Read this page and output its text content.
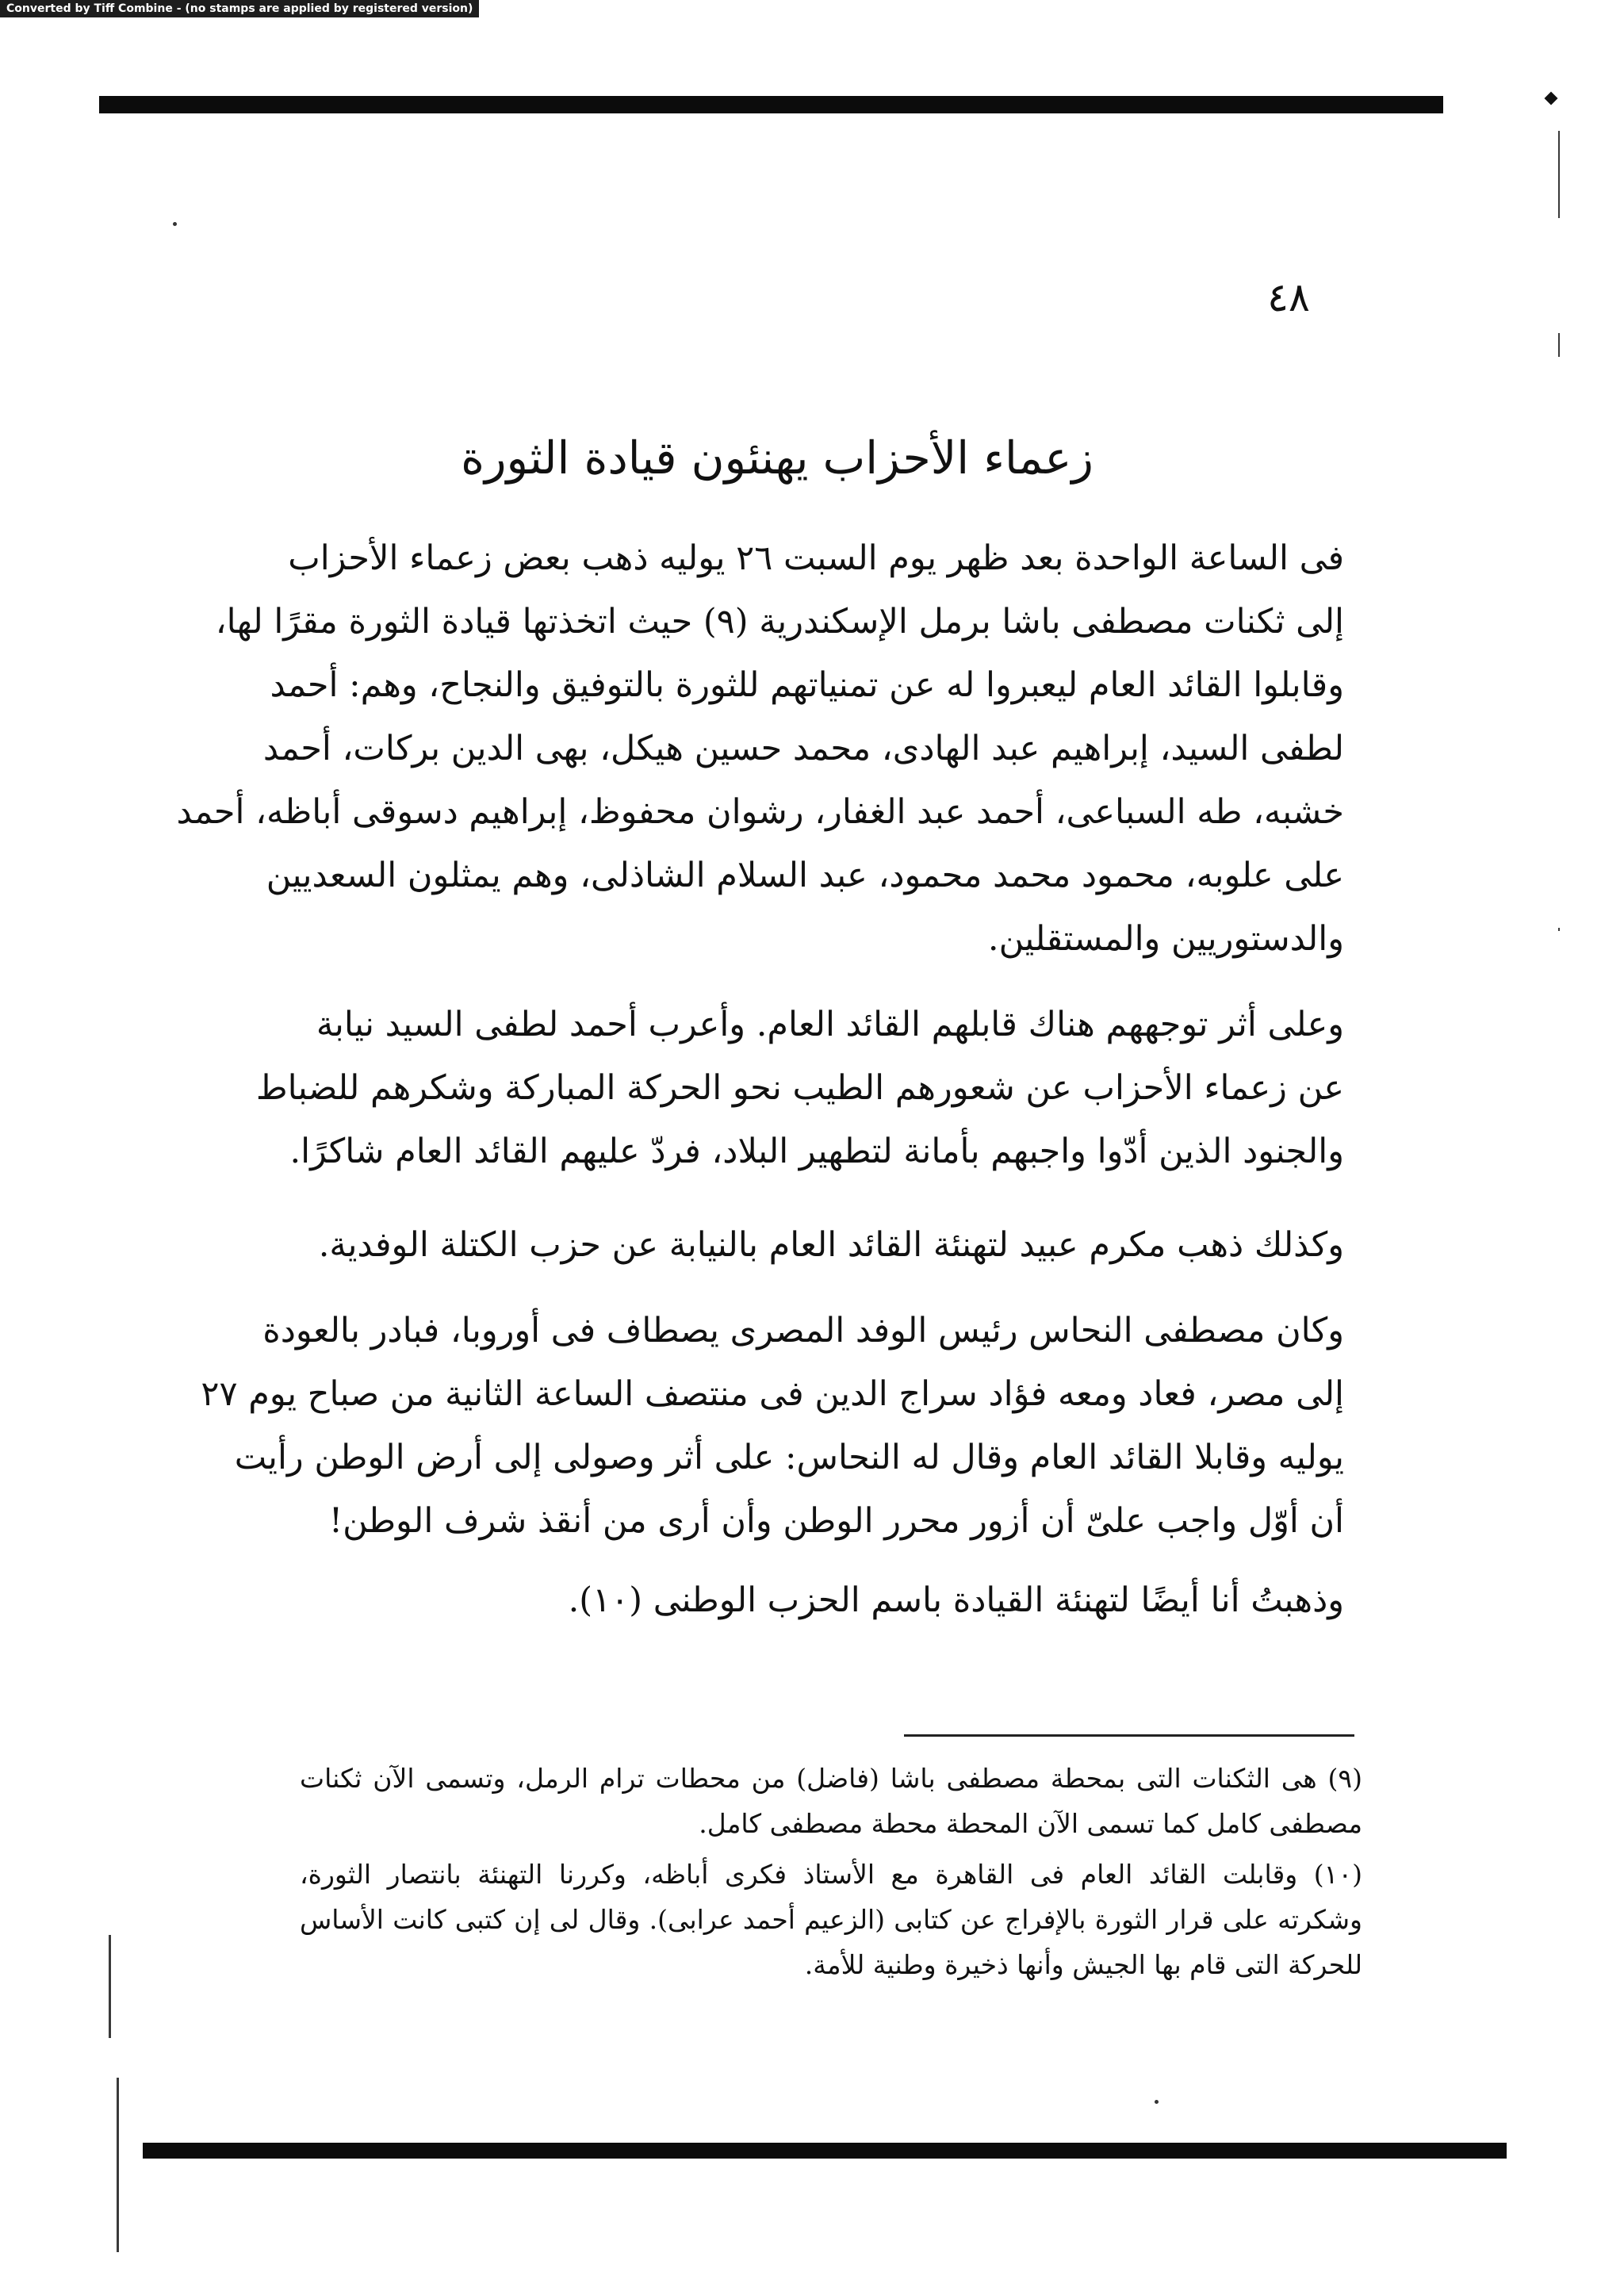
Converted by Tiff Combine - (no stamps are applied by registered version)
٤٨
زعماء الأحزاب يهنئون قيادة الثورة
فى الساعة الواحدة بعد ظهر يوم السبت ٢٦ يوليه ذهب بعض زعماء الأحزاب
إلى ثكنات مصطفى باشا برمل الإسكندرية (٩) حيث اتخذتها قيادة الثورة مقرًا لها،
وقابلوا القائد العام ليعبروا له عن تمنياتهم للثورة بالتوفيق والنجاح، وهم: أحمد
لطفى السيد، إبراهيم عبد الهادى، محمد حسين هيكل، بهى الدين بركات، أحمد
خشبه، طه السباعى، أحمد عبد الغفار، رشوان محفوظ، إبراهيم دسوقى أباظه، أحمد
على علوبه، محمود محمد محمود، عبد السلام الشاذلى، وهم يمثلون السعديين
والدستوريين والمستقلين.
وعلى أثر توجههم هناك قابلهم القائد العام. وأعرب أحمد لطفى السيد نيابة
عن زعماء الأحزاب عن شعورهم الطيب نحو الحركة المباركة وشكرهم للضباط
والجنود الذين أدّوا واجبهم بأمانة لتطهير البلاد، فردّ عليهم القائد العام شاكرًا.
وكذلك ذهب مكرم عبيد لتهنئة القائد العام بالنيابة عن حزب الكتلة الوفدية.
وكان مصطفى النحاس رئيس الوفد المصرى يصطاف فى أوروبا، فبادر بالعودة
إلى مصر، فعاد ومعه فؤاد سراج الدين فى منتصف الساعة الثانية من صباح يوم ٢٧
يوليه وقابلا القائد العام وقال له النحاس: على أثر وصولى إلى أرض الوطن رأيت
أن أوّل واجب علىّ أن أزور محرر الوطن وأن أرى من أنقذ شرف الوطن!
وذهبتُ أنا أيضًا لتهنئة القيادة باسم الحزب الوطنى (١٠).
(٩) هى الثكنات التى بمحطة مصطفى باشا (فاضل) من محطات ترام الرمل، وتسمى الآن ثكنات
مصطفى كامل كما تسمى الآن المحطة محطة مصطفى كامل.
(١٠) وقابلت القائد العام فى القاهرة مع الأستاذ فكرى أباظه، وكررنا التهنئة بانتصار الثورة،
وشكرته على قرار الثورة بالإفراج عن كتابى (الزعيم أحمد عرابى). وقال لى إن كتبى كانت الأساس
للحركة التى قام بها الجيش وأنها ذخيرة وطنية للأمة.
